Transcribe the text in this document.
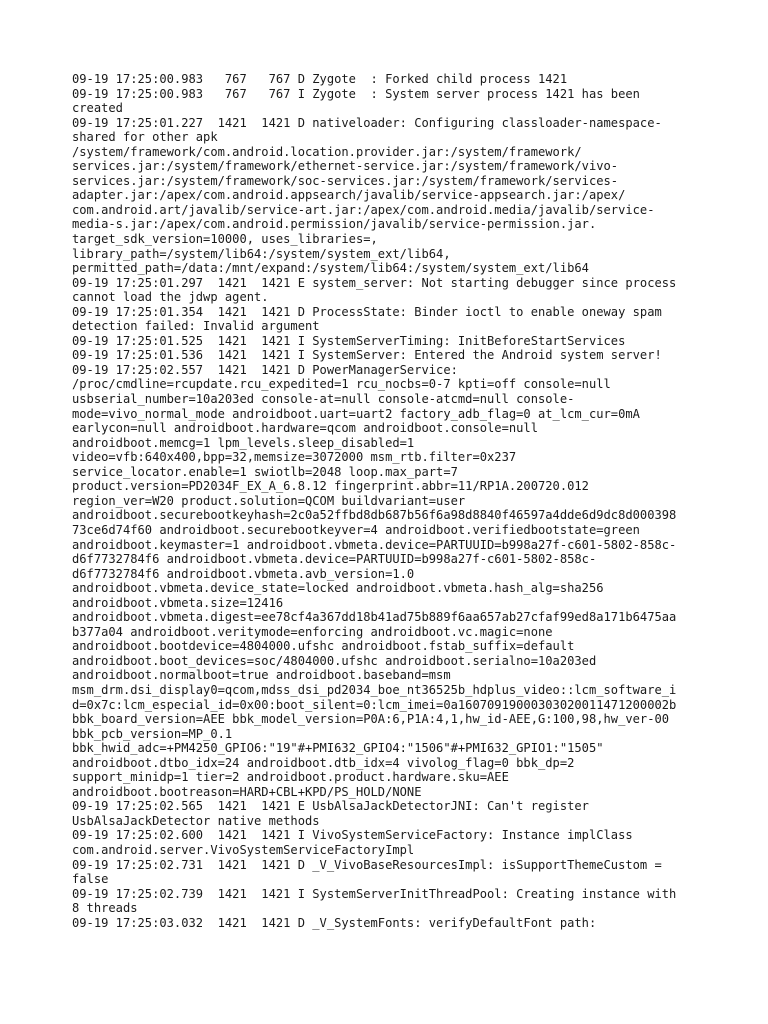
09-19 17:25:00.983   767   767 D Zygote  : Forked child process 1421
09-19 17:25:00.983   767   767 I Zygote  : System server process 1421 has been
created
09-19 17:25:01.227  1421  1421 D nativeloader: Configuring classloader-namespace-
shared for other apk
/system/framework/com.android.location.provider.jar:/system/framework/
services.jar:/system/framework/ethernet-service.jar:/system/framework/vivo-
services.jar:/system/framework/soc-services.jar:/system/framework/services-
adapter.jar:/apex/com.android.appsearch/javalib/service-appsearch.jar:/apex/
com.android.art/javalib/service-art.jar:/apex/com.android.media/javalib/service-
media-s.jar:/apex/com.android.permission/javalib/service-permission.jar.
target_sdk_version=10000, uses_libraries=,
library_path=/system/lib64:/system/system_ext/lib64,
permitted_path=/data:/mnt/expand:/system/lib64:/system/system_ext/lib64
09-19 17:25:01.297  1421  1421 E system_server: Not starting debugger since process
cannot load the jdwp agent.
09-19 17:25:01.354  1421  1421 D ProcessState: Binder ioctl to enable oneway spam
detection failed: Invalid argument
09-19 17:25:01.525  1421  1421 I SystemServerTiming: InitBeforeStartServices
09-19 17:25:01.536  1421  1421 I SystemServer: Entered the Android system server!
09-19 17:25:02.557  1421  1421 D PowerManagerService:
/proc/cmdline=rcupdate.rcu_expedited=1 rcu_nocbs=0-7 kpti=off console=null
usbserial_number=10a203ed console-at=null console-atcmd=null console-
mode=vivo_normal_mode androidboot.uart=uart2 factory_adb_flag=0 at_lcm_cur=0mA
earlycon=null androidboot.hardware=qcom androidboot.console=null
androidboot.memcg=1 lpm_levels.sleep_disabled=1
video=vfb:640x400,bpp=32,memsize=3072000 msm_rtb.filter=0x237
service_locator.enable=1 swiotlb=2048 loop.max_part=7
product.version=PD2034F_EX_A_6.8.12 fingerprint.abbr=11/RP1A.200720.012
region_ver=W20 product.solution=QCOM buildvariant=user
androidboot.securebootkeyhash=2c0a52ffbd8db687b56f6a98d8840f46597a4dde6d9dc8d000398
73ce6d74f60 androidboot.securebootkeyver=4 androidboot.verifiedbootstate=green
androidboot.keymaster=1 androidboot.vbmeta.device=PARTUUID=b998a27f-c601-5802-858c-
d6f7732784f6 androidboot.vbmeta.device=PARTUUID=b998a27f-c601-5802-858c-
d6f7732784f6 androidboot.vbmeta.avb_version=1.0
androidboot.vbmeta.device_state=locked androidboot.vbmeta.hash_alg=sha256
androidboot.vbmeta.size=12416
androidboot.vbmeta.digest=ee78cf4a367dd18b41ad75b889f6aa657ab27cfaf99ed8a171b6475aa
b377a04 androidboot.veritymode=enforcing androidboot.vc.magic=none
androidboot.bootdevice=4804000.ufshc androidboot.fstab_suffix=default
androidboot.boot_devices=soc/4804000.ufshc androidboot.serialno=10a203ed
androidboot.normalboot=true androidboot.baseband=msm
msm_drm.dsi_display0=qcom,mdss_dsi_pd2034_boe_nt36525b_hdplus_video::lcm_software_i
d=0x7c:lcm_especial_id=0x00:boot_silent=0:lcm_imei=0a16070919000303020011471200002b
bbk_board_version=AEE bbk_model_version=P0A:6,P1A:4,1,hw_id-AEE,G:100,98,hw_ver-00
bbk_pcb_version=MP_0.1
bbk_hwid_adc=+PM4250_GPIO6:"19"#+PMI632_GPIO4:"1506"#+PMI632_GPIO1:"1505"
androidboot.dtbo_idx=24 androidboot.dtb_idx=4 vivolog_flag=0 bbk_dp=2
support_minidp=1 tier=2 androidboot.product.hardware.sku=AEE
androidboot.bootreason=HARD+CBL+KPD/PS_HOLD/NONE
09-19 17:25:02.565  1421  1421 E UsbAlsaJackDetectorJNI: Can't register
UsbAlsaJackDetector native methods
09-19 17:25:02.600  1421  1421 I VivoSystemServiceFactory: Instance implClass
com.android.server.VivoSystemServiceFactoryImpl
09-19 17:25:02.731  1421  1421 D _V_VivoBaseResourcesImpl: isSupportThemeCustom =
false
09-19 17:25:02.739  1421  1421 I SystemServerInitThreadPool: Creating instance with
8 threads
09-19 17:25:03.032  1421  1421 D _V_SystemFonts: verifyDefaultFont path:
